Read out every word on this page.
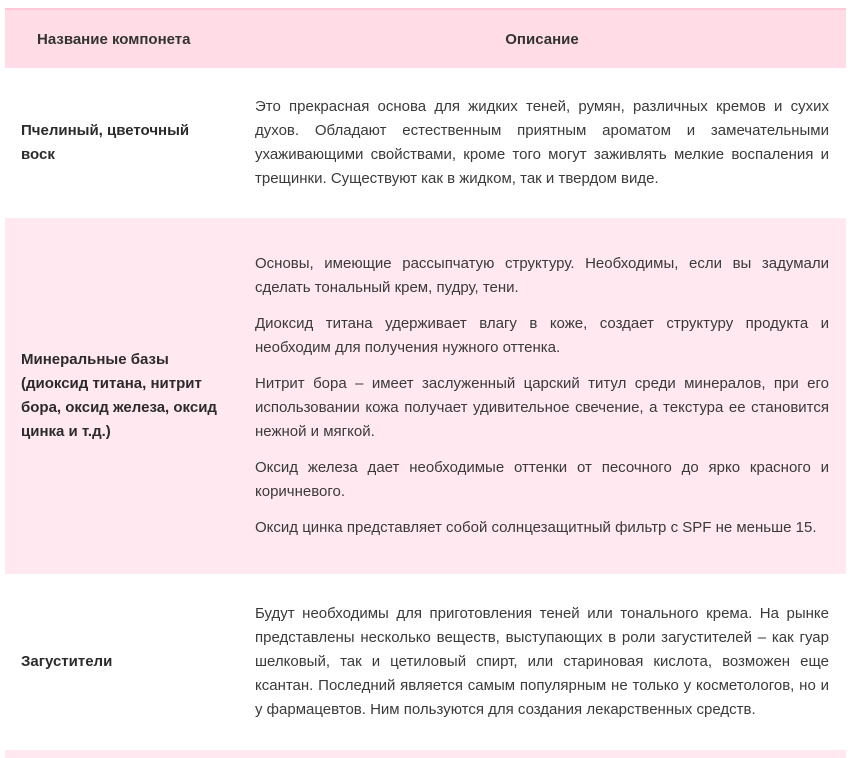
Название компонета	Описание
Пчелиный, цветочный воск

Это прекрасная основа для жидких теней, румян, различных кремов и сухих духов. Обладают естественным приятным ароматом и замечательными ухаживающими свойствами, кроме того могут заживлять мелкие воспаления и трещинки. Существуют как в жидком, так и твердом виде.

Минеральные базы (диоксид титана, нитрит бора, оксид железа, оксид цинка и т.д.)

Основы, имеющие рассыпчатую структуру. Необходимы, если вы задумали сделать тональный крем, пудру, тени.

Диоксид титана удерживает влагу в коже, создает структуру продукта и необходим для получения нужного оттенка.

Нитрит бора – имеет заслуженный царский титул среди минералов, при его использовании кожа получает удивительное свечение, а текстура ее становится нежной и мягкой.

Оксид железа дает необходимые оттенки от песочного до ярко красного и коричневого.

Оксид цинка представляет собой солнцезащитный фильтр с SPF не меньше 15.

Загустители

Будут необходимы для приготовления теней или тонального крема. На рынке представлены несколько веществ, выступающих в роли загустителей – как гуар шелковый, так и цетиловый спирт, или стариновая кислота, возможен еще ксантан. Последний является самым популярным не только у косметологов, но и у фармацевтов. Ним пользуются для создания лекарственных средств.
